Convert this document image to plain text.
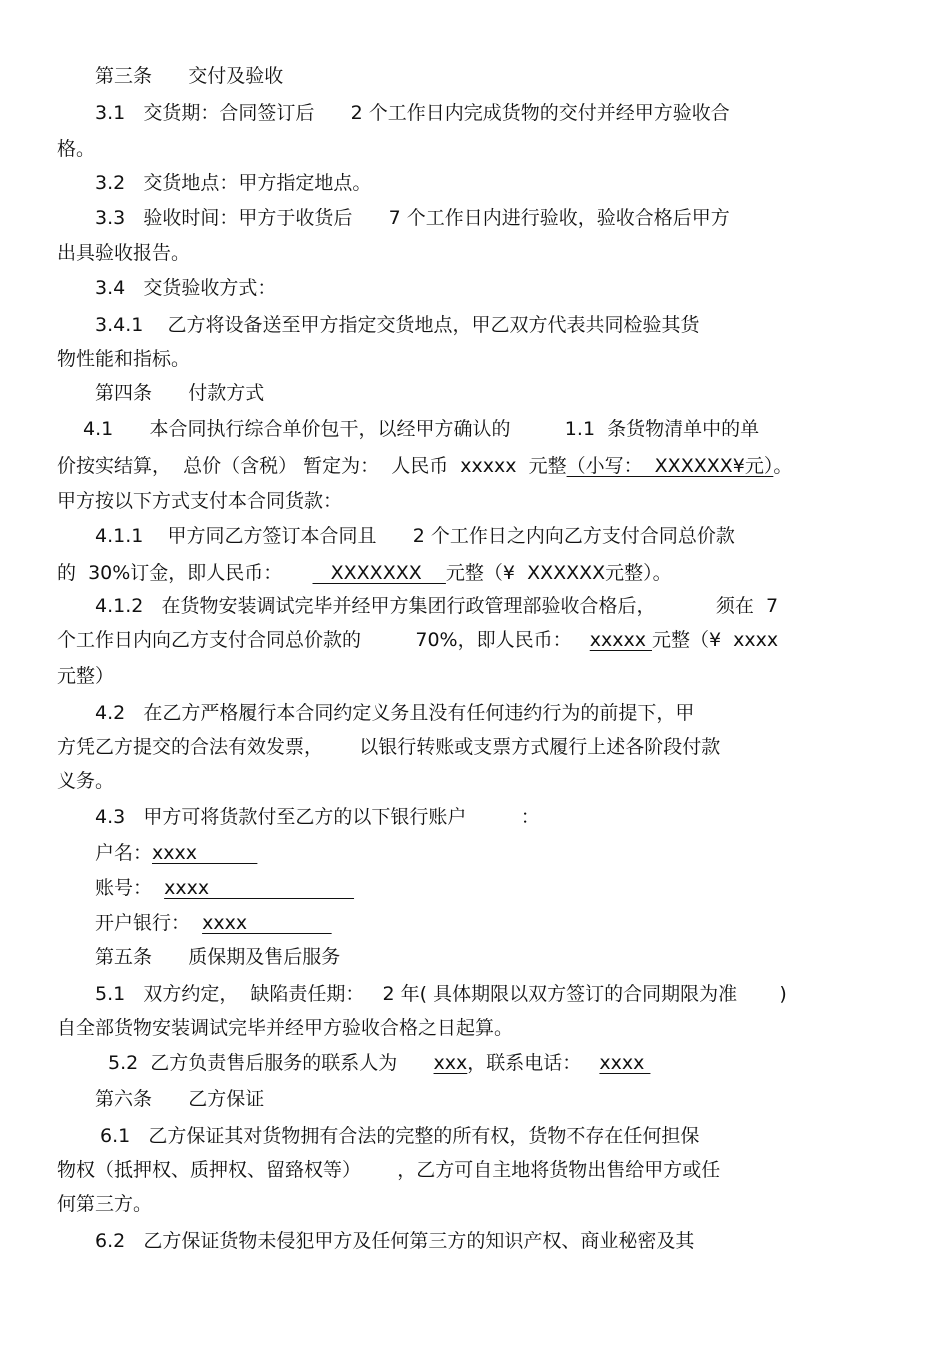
第三条      交付及验收
3.1   交货期：合同签订后      2 个工作日内完成货物的交付并经甲方验收合
格。
3.2   交货地点：甲方指定地点。
3.3   验收时间：甲方于收货后      7 个工作日内进行验收，验收合格后甲方
出具验收报告。
3.4   交货验收方式：
3.4.1    乙方将设备送至甲方指定交货地点，甲乙双方代表共同检验其货
物性能和指标。
第四条      付款方式
4.1      本合同执行综合单价包干，以经甲方确认的         1.1  条货物清单中的单
价按实结算，  总价（含税） 暂定为：  人民币  xxxxx  元整（小写：  XXXXXX¥元）。
甲方按以下方式支付本合同货款：
4.1.1    甲方同乙方签订本合同且      2 个工作日之内向乙方支付合同总价款
的  30%订金，即人民币：        XXXXXXX    元整（¥  XXXXXX元整）。
4.1.2   在货物安装调试完毕并经甲方集团行政管理部验收合格后，          须在  7
个工作日内向乙方支付合同总价款的         70%，即人民币：   xxxxx 元整（¥  xxxx
元整）
4.2   在乙方严格履行本合同约定义务且没有任何违约行为的前提下，甲
方凭乙方提交的合法有效发票，      以银行转账或支票方式履行上述各阶段付款
义务。
4.3   甲方可将货款付至乙方的以下银行账户         ：
户名：xxxx
账号：  xxxx
开户银行：  xxxx
第五条      质保期及售后服务
5.1   双方约定，  缺陷责任期：   2 年( 具体期限以双方签订的合同期限为准       )
自全部货物安装调试完毕并经甲方验收合格之日起算。
5.2  乙方负责售后服务的联系人为      xxx，联系电话：   xxxx
第六条      乙方保证
6.1   乙方保证其对货物拥有合法的完整的所有权，货物不存在任何担保
物权（抵押权、质押权、留臵权等）      ，乙方可自主地将货物出售给甲方或任
何第三方。
6.2   乙方保证货物未侵犯甲方及任何第三方的知识产权、商业秘密及其
